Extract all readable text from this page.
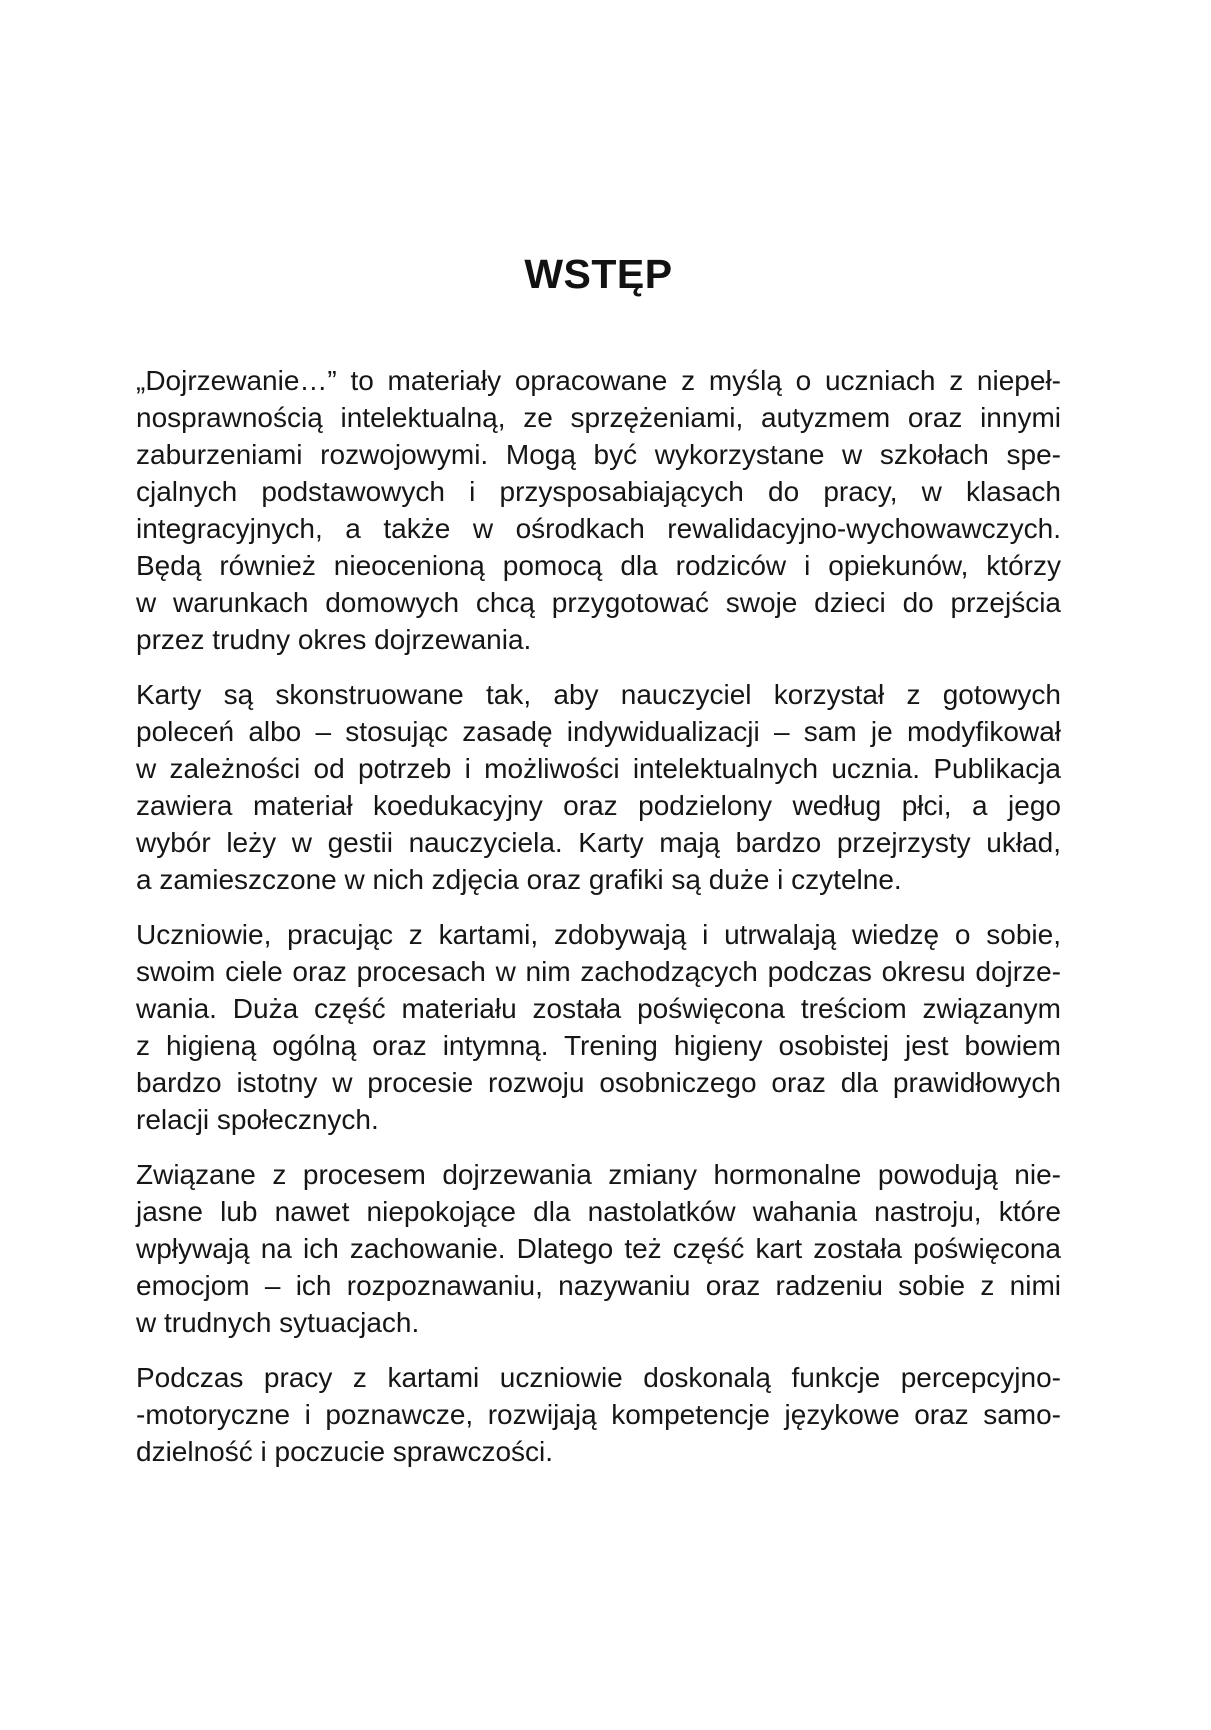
WSTĘP

„Dojrzewanie…” to materiały opracowane z myślą o uczniach z niepeł-
nosprawnością intelektualną, ze sprzężeniami, autyzmem oraz innymi
zaburzeniami rozwojowymi. Mogą być wykorzystane w szkołach spe-
cjalnych podstawowych i przysposabiających do pracy, w klasach
integracyjnych, a także w ośrodkach rewalidacyjno-wychowawczych.
Będą również nieocenioną pomocą dla rodziców i opiekunów, którzy
w warunkach domowych chcą przygotować swoje dzieci do przejścia
przez trudny okres dojrzewania.

Karty są skonstruowane tak, aby nauczyciel korzystał z gotowych
poleceń albo – stosując zasadę indywidualizacji – sam je modyfikował
w zależności od potrzeb i możliwości intelektualnych ucznia. Publikacja
zawiera materiał koedukacyjny oraz podzielony według płci, a jego
wybór leży w gestii nauczyciela. Karty mają bardzo przejrzysty układ,
a zamieszczone w nich zdjęcia oraz grafiki są duże i czytelne.

Uczniowie, pracując z kartami, zdobywają i utrwalają wiedzę o sobie,
swoim ciele oraz procesach w nim zachodzących podczas okresu dojrze-
wania. Duża część materiału została poświęcona treściom związanym
z higieną ogólną oraz intymną. Trening higieny osobistej jest bowiem
bardzo istotny w procesie rozwoju osobniczego oraz dla prawidłowych
relacji społecznych.

Związane z procesem dojrzewania zmiany hormonalne powodują nie-
jasne lub nawet niepokojące dla nastolatków wahania nastroju, które
wpływają na ich zachowanie. Dlatego też część kart została poświęcona
emocjom – ich rozpoznawaniu, nazywaniu oraz radzeniu sobie z nimi
w trudnych sytuacjach.

Podczas pracy z kartami uczniowie doskonalą funkcje percepcyjno-
-motoryczne i poznawcze, rozwijają kompetencje językowe oraz samo-
dzielność i poczucie sprawczości.
